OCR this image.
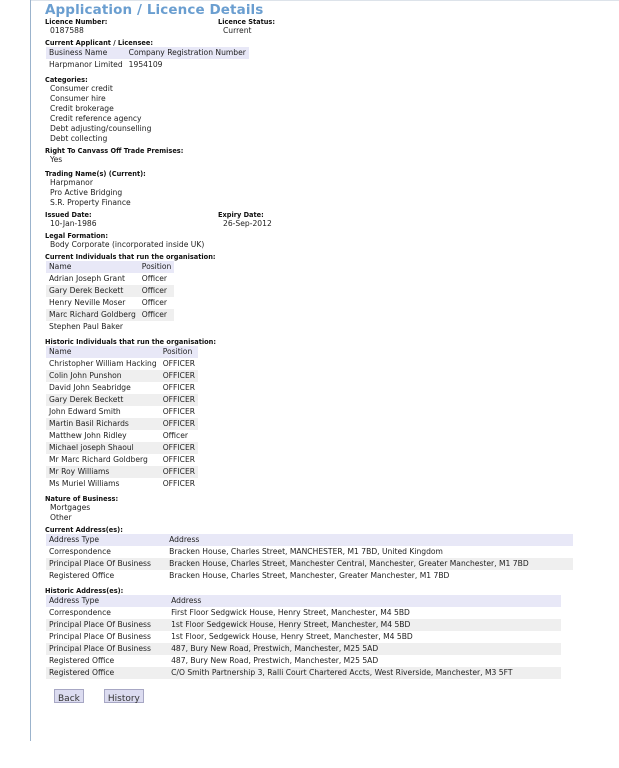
Application / Licence Details
Licence Number:
0187588
Licence Status:
Current
Current Applicant / Licensee:
Business Name	Company Registration Number
Harpmanor Limited	1954109
Categories:
Consumer credit
Consumer hire
Credit brokerage
Credit reference agency
Debt adjusting/counselling
Debt collecting
Right To Canvass Off Trade Premises:
Yes
Trading Name(s) (Current):
Harpmanor
Pro Active Bridging
S.R. Property Finance
Issued Date:
10-Jan-1986
Expiry Date:
26-Sep-2012
Legal Formation:
Body Corporate (incorporated inside UK)
Current Individuals that run the organisation:
Name	Position
Adrian Joseph Grant	Officer
Gary Derek Beckett	Officer
Henry Neville Moser	Officer
Marc Richard Goldberg	Officer
Stephen Paul Baker	
Historic Individuals that run the organisation:
Name	Position
Christopher William Hacking	OFFICER
Colin John Punshon	OFFICER
David John Seabridge	OFFICER
Gary Derek Beckett	OFFICER
John Edward Smith	OFFICER
Martin Basil Richards	OFFICER
Matthew John Ridley	Officer
Michael joseph Shaoul	OFFICER
Mr Marc Richard Goldberg	OFFICER
Mr Roy Williams	OFFICER
Ms Muriel Williams	OFFICER
Nature of Business:
Mortgages
Other
Current Address(es):
Address Type	Address
Correspondence	Bracken House, Charles Street, MANCHESTER, M1 7BD, United Kingdom
Principal Place Of Business	Bracken House, Charles Street, Manchester Central, Manchester, Greater Manchester, M1 7BD
Registered Office	Bracken House, Charles Street, Manchester, Greater Manchester, M1 7BD
Historic Address(es):
Address Type	Address
Correspondence	First Floor Sedgwick House, Henry Street, Manchester, M4 5BD
Principal Place Of Business	1st Floor Sedgewick House, Henry Street, Manchester, M4 5BD
Principal Place Of Business	1st Floor, Sedgewick House, Henry Street, Manchester, M4 5BD
Principal Place Of Business	487, Bury New Road, Prestwich, Manchester, M25 5AD
Registered Office	487, Bury New Road, Prestwich, Manchester, M25 5AD
Registered Office	C/O Smith Partnership 3, Ralli Court Chartered Accts, West Riverside, Manchester, M3 5FT
Back	History
